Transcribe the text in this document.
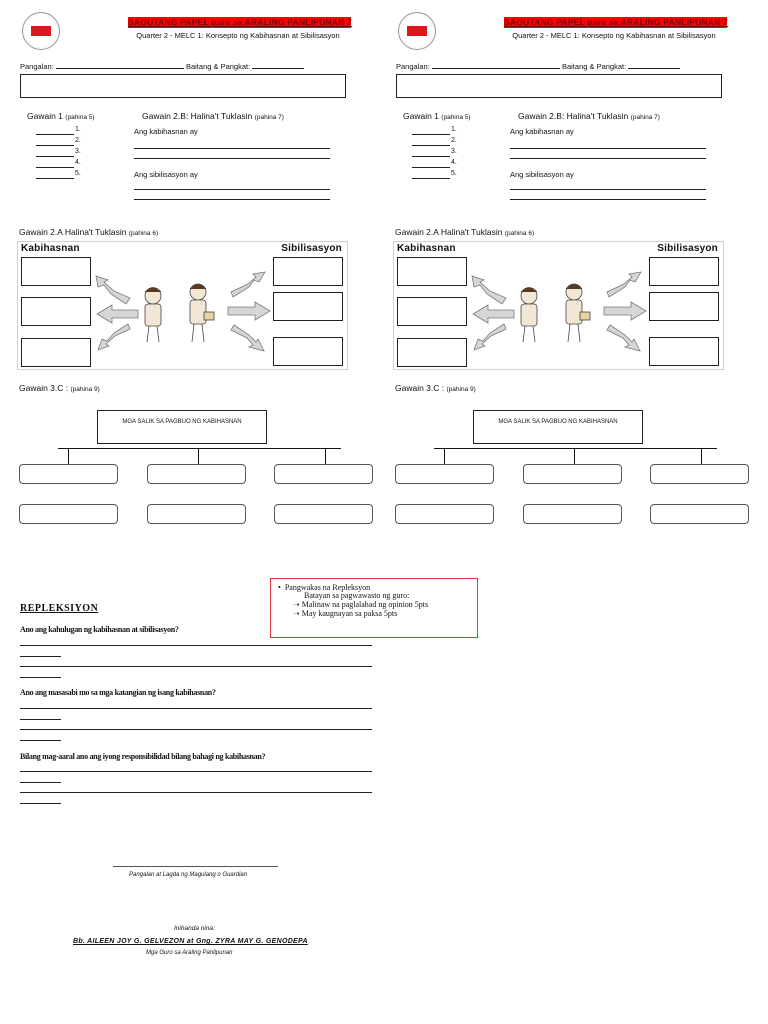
SAGUTANG PAPEL para sa ARALING PANLIPUNAN 7
Quarter 2 - MELC 1: Konsepto ng Kabihasnan at Sibilisasyon
Pangalan:	Baitang & Pangkat:
Gawain 1 (pahina 5)
1.
2.
3.
4.
5.
Gawain 2.B: Halina't Tuklasin (pahina 7)
Ang kabihasnan ay
Ang sibilisasyon ay
Gawain 2.A Halina't Tuklasin (pahina 6)
Kabihasnan	Sibilisasyon
Gawain 3.C : (pahina 9)
MGA SALIK SA PAGBUO NG KABIHASNAN
SAGUTANG PAPEL para sa ARALING PANLIPUNAN 7
Quarter 2 - MELC 1: Konsepto ng Kabihasnan at Sibilisasyon
Pangalan:	Baitang & Pangkat:
Gawain 1 (pahina 5)
1.
2.
3.
4.
5.
Gawain 2.B: Halina't Tuklasin (pahina 7)
Ang kabihasnan ay
Ang sibilisasyon ay
Gawain 2.A Halina't Tuklasin (pahina 6)
Kabihasnan	Sibilisasyon
Gawain 3.C : (pahina 9)
MGA SALIK SA PAGBUO NG KABIHASNAN
•  Pangwakas na Repleksyon
Batayan sa pagwawasto ng guro:
➝ Malinaw na paglalahad ng opinion 5pts
➝ May kaugnayan sa paksa 5pts
REPLEKSIYON
Ano ang kahulugan ng kabihasnan at sibilisasyon?
Ano ang masasabi mo sa mga katangian ng isang kabihasnan?
Bilang mag-aaral ano ang iyong responsibilidad bilang bahagi ng kabihasnan?
Pangalan at Lagda ng Magulang o Guardian
Inihanda nina:
Bb. AILEEN JOY G. GELVEZON at Gng. ZYRA MAY G. GENODEPA
Mga Guro sa Araling Panlipunan
